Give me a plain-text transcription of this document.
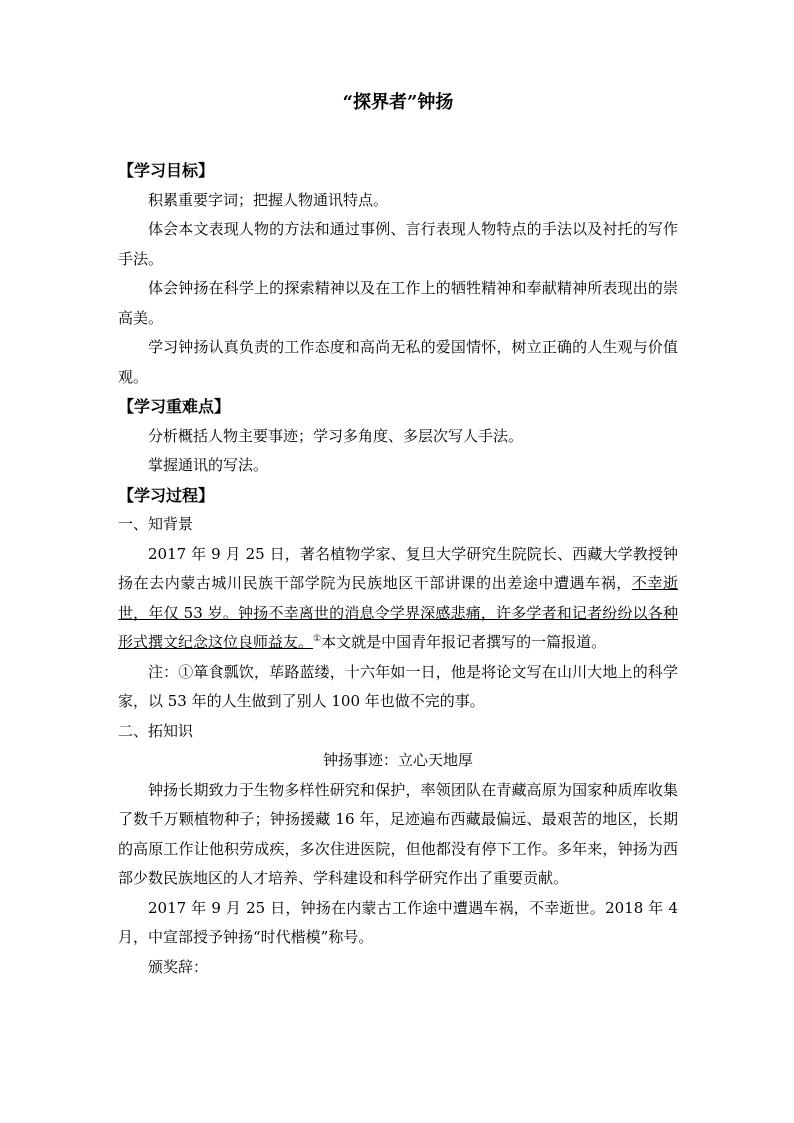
“探界者”钟扬
【学习目标】

积累重要字词；把握人物通讯特点。

体会本文表现人物的方法和通过事例、言行表现人物特点的手法以及衬托的写作手法。

体会钟扬在科学上的探索精神以及在工作上的牺牲精神和奉献精神所表现出的崇高美。

学习钟扬认真负责的工作态度和高尚无私的爱国情怀，树立正确的人生观与价值观。

【学习重难点】

分析概括人物主要事迹；学习多角度、多层次写人手法。

掌握通讯的写法。

【学习过程】

一、知背景

2017 年 9 月 25 日，著名植物学家、复旦大学研究生院院长、西藏大学教授钟扬在去内蒙古城川民族干部学院为民族地区干部讲课的出差途中遭遇车祸，不幸逝世，年仅 53 岁。钟扬不幸离世的消息令学界深感悲痛，许多学者和记者纷纷以各种形式撰文纪念这位良师益友。①本文就是中国青年报记者撰写的一篇报道。

注：①箪食瓢饮，荜路蓝缕，十六年如一日，他是将论文写在山川大地上的科学家，以 53 年的人生做到了别人 100 年也做不完的事。

二、拓知识

钟扬事迹：立心天地厚

钟扬长期致力于生物多样性研究和保护，率领团队在青藏高原为国家种质库收集了数千万颗植物种子；钟扬援藏 16 年，足迹遍布西藏最偏远、最艰苦的地区，长期的高原工作让他积劳成疾，多次住进医院，但他都没有停下工作。多年来，钟扬为西部少数民族地区的人才培养、学科建设和科学研究作出了重要贡献。

2017 年 9 月 25 日，钟扬在内蒙古工作途中遭遇车祸，不幸逝世。2018 年 4 月，中宣部授予钟扬“时代楷模”称号。

颁奖辞：
